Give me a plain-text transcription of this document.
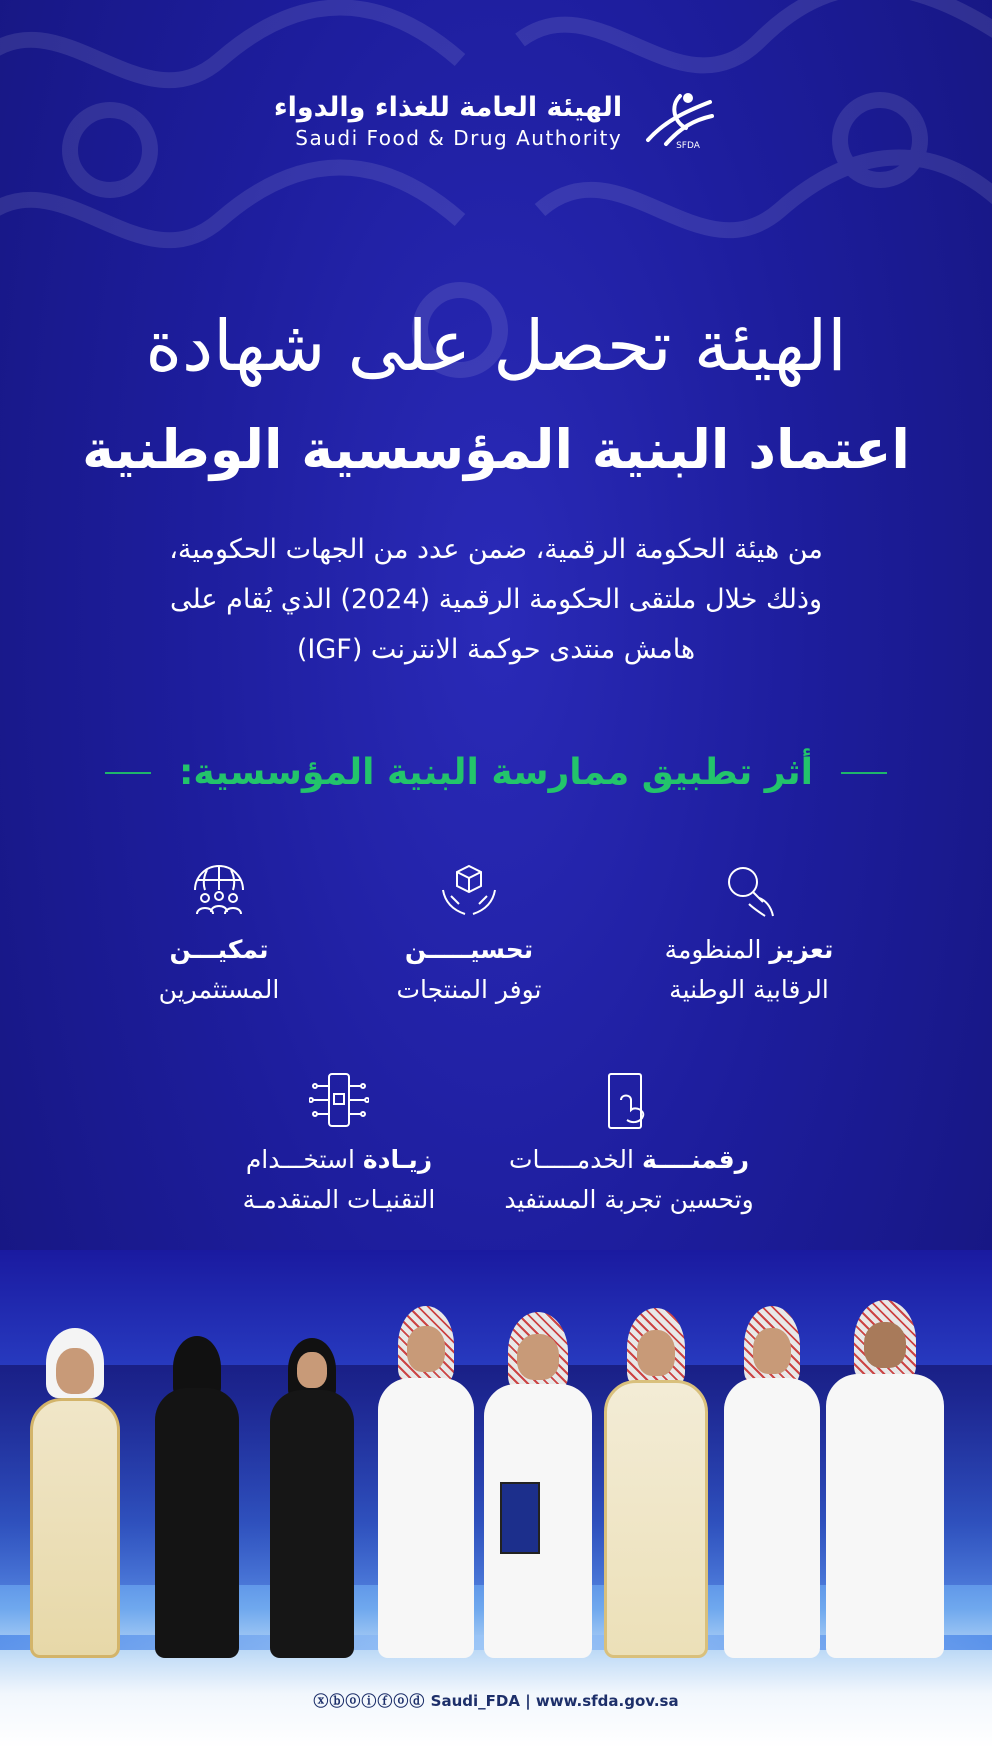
الهيئة العامة للغذاء والدواء
Saudi Food & Drug Authority	SFDA
الهيئة تحصل على شهادة
اعتماد البنية المؤسسية الوطنية

من هيئة الحكومة الرقمية، ضمن عدد من الجهات الحكومية،

وذلك خلال ملتقى الحكومة الرقمية (2024) الذي يُقام على

هامش منتدى حوكمة الانترنت (IGF)

أثر تطبيق ممارسة البنية المؤسسية:
تعزيز المنظومة
الرقابية الوطنية
تحسيـــــن
توفر المنتجات
تمكيـــن
المستثمرين
رقمنــــة الخدمـــــات
وتحسين تجربة المستفيد
زيـادة استخـــدام
التقنيـات المتقدمـة
ⓧⓑⓞⓘⓕⓞⓓ Saudi_FDA | www.sfda.gov.sa
